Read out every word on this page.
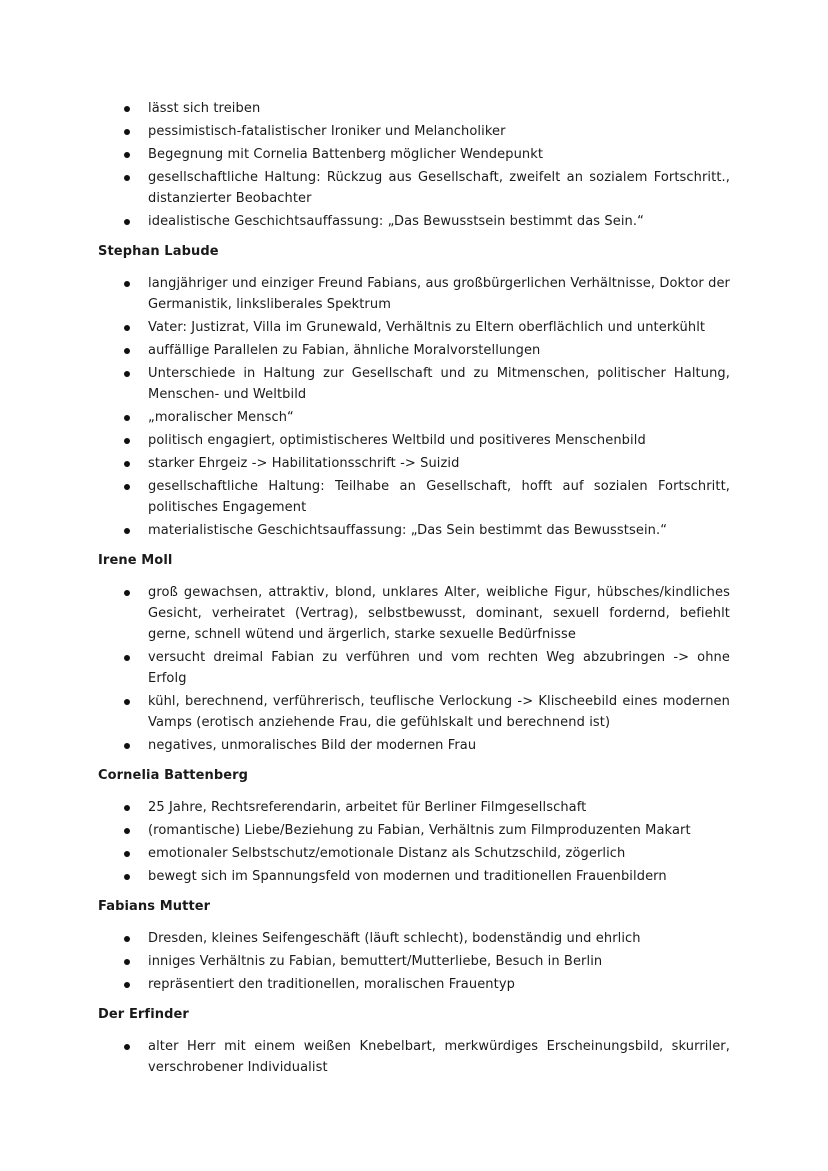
lässt sich treiben
pessimistisch-fatalistischer Ironiker und Melancholiker
Begegnung mit Cornelia Battenberg möglicher Wendepunkt
gesellschaftliche Haltung: Rückzug aus Gesellschaft, zweifelt an sozialem Fortschritt., distanzierter Beobachter
idealistische Geschichtsauffassung: „Das Bewusstsein bestimmt das Sein.“
Stephan Labude
langjähriger und einziger Freund Fabians, aus großbürgerlichen Verhältnisse, Doktor der Germanistik, linksliberales Spektrum
Vater: Justizrat, Villa im Grunewald, Verhältnis zu Eltern oberflächlich und unterkühlt
auffällige Parallelen zu Fabian, ähnliche Moralvorstellungen
Unterschiede in Haltung zur Gesellschaft und zu Mitmenschen, politischer Haltung, Menschen- und Weltbild
„moralischer Mensch“
politisch engagiert, optimistischeres Weltbild und positiveres Menschenbild
starker Ehrgeiz -> Habilitationsschrift -> Suizid
gesellschaftliche Haltung: Teilhabe an Gesellschaft, hofft auf sozialen Fortschritt, politisches Engagement
materialistische Geschichtsauffassung: „Das Sein bestimmt das Bewusstsein.“
Irene Moll
groß gewachsen, attraktiv, blond, unklares Alter, weibliche Figur, hübsches/kindliches Gesicht, verheiratet (Vertrag), selbstbewusst, dominant, sexuell fordernd, befiehlt gerne, schnell wütend und ärgerlich, starke sexuelle Bedürfnisse
versucht dreimal Fabian zu verführen und vom rechten Weg abzubringen -> ohne Erfolg
kühl, berechnend, verführerisch, teuflische Verlockung -> Klischeebild eines modernen Vamps (erotisch anziehende Frau, die gefühlskalt und berechnend ist)
negatives, unmoralisches Bild der modernen Frau
Cornelia Battenberg
25 Jahre, Rechtsreferendarin, arbeitet für Berliner Filmgesellschaft
(romantische) Liebe/Beziehung zu Fabian, Verhältnis zum Filmproduzenten Makart
emotionaler Selbstschutz/emotionale Distanz als Schutzschild, zögerlich
bewegt sich im Spannungsfeld von modernen und traditionellen Frauenbildern
Fabians Mutter
Dresden, kleines Seifengeschäft (läuft schlecht), bodenständig und ehrlich
inniges Verhältnis zu Fabian, bemuttert/Mutterliebe, Besuch in Berlin
repräsentiert den traditionellen, moralischen Frauentyp
Der Erfinder
alter Herr mit einem weißen Knebelbart, merkwürdiges Erscheinungsbild, skurriler, verschrobener Individualist
